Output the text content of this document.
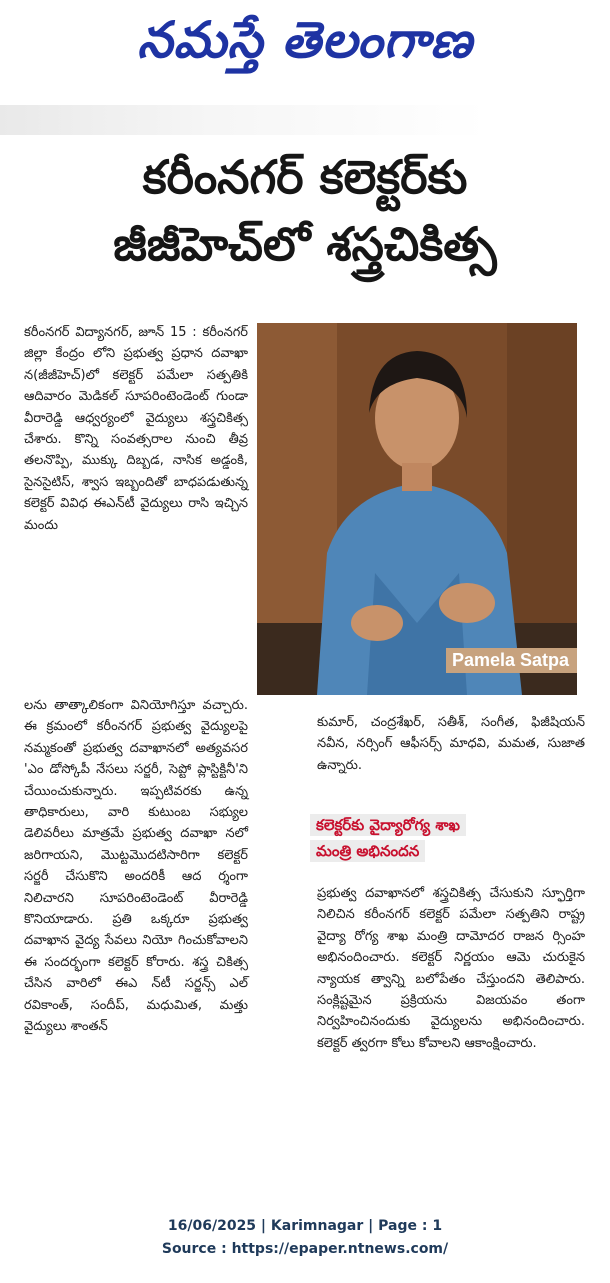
నమస్తే తెలంగాణ
కరీంనగర్ కలెక్టర్‌కు
జీజీహెచ్‌లో శస్త్రచికిత్స

కరీంనగర్ విద్యానగర్, జూన్ 15 : కరీంనగర్ జిల్లా కేంద్రం లోని ప్రభుత్వ ప్రధాన దవాఖా న(జీజీహెచ్)లో కలెక్టర్ పమేలా సత్పతికి ఆదివారం మెడికల్ సూపరింటెండెంట్ గుండా వీరారెడ్డి ఆధ్వర్యంలో వైద్యులు శస్త్రచికిత్స చేశారు. కొన్ని సంవత్సరాల నుంచి తీవ్ర తలనొప్పి, ముక్కు దిబ్బడ, నాసిక అడ్డంకి, సైనసైటిస్, శ్వాస ఇబ్బందితో బాధపడుతున్న కలెక్టర్ వివిధ ఈఎన్‌టీ వైద్యులు రాసి ఇచ్చిన మందు

Pamela Satpa

లను తాత్కాలికంగా వినియోగిస్తూ వచ్చారు. ఈ క్రమంలో కరీంనగర్ ప్రభుత్వ వైద్యులపై నమ్మకంతో ప్రభుత్వ దవాఖానలో అత్యవసర 'ఎం డోస్కోపీ నేసలు సర్జరీ, సెప్టో ప్లాస్టిక్టినీ'ని చేయించుకున్నారు. ఇప్పటివరకు ఉన్న తాధికారులు, వారి కుటుంబ సభ్యుల డెలివరీలు మాత్రమే ప్రభుత్వ దవాఖా నలో జరిగాయని, మొట్టమొదటిసారిగా కలెక్టర్ సర్జరీ చేసుకొని అందరికీ ఆద ర్శంగా నిలిచారని సూపరింటెండెంట్ వీరారెడ్డి కొనియాడారు. ప్రతి ఒక్కరూ ప్రభుత్వ దవాఖాన వైద్య సేవలు నియో గించుకోవాలని ఈ సందర్భంగా కలెక్టర్ కోరారు. శస్త్ర చికిత్స చేసిన వారిలో ఈఎ న్‌టీ సర్జన్స్ ఎల్ రవికాంత్, సందీప్, మధుమిత, మత్తు వైద్యులు శాంతన్

కుమార్, చంద్రశేఖర్, సతీశ్, సంగీత, ఫిజీషియన్ నవీన, నర్సింగ్ ఆఫీసర్స్ మాధవి, మమత, సుజాత ఉన్నారు.

కలెక్టర్‌కు వైద్యారోగ్య శాఖ
మంత్రి అభినందన

ప్రభుత్వ దవాఖానలో శస్త్రచికిత్స చేసుకుని స్ఫూర్తిగా నిలిచిన కరీంనగర్ కలెక్టర్ పమేలా సత్పతిని రాష్ట్ర వైద్యా రోగ్య శాఖ మంత్రి దామోదర రాజన ర్సింహ అభినందించారు. కలెక్టర్ నిర్ణయం ఆమె చురుకైన న్యాయక త్వాన్ని బలోపేతం చేస్తుందని తెలిపారు. సంక్లిష్టమైన ప్రక్రియను విజయవం తంగా నిర్వహించినందుకు వైద్యులను అభినందించారు. కలెక్టర్ త్వరగా కోలు కోవాలని ఆకాంక్షించారు.

16/06/2025 | Karimnagar | Page : 1
Source : https://epaper.ntnews.com/
